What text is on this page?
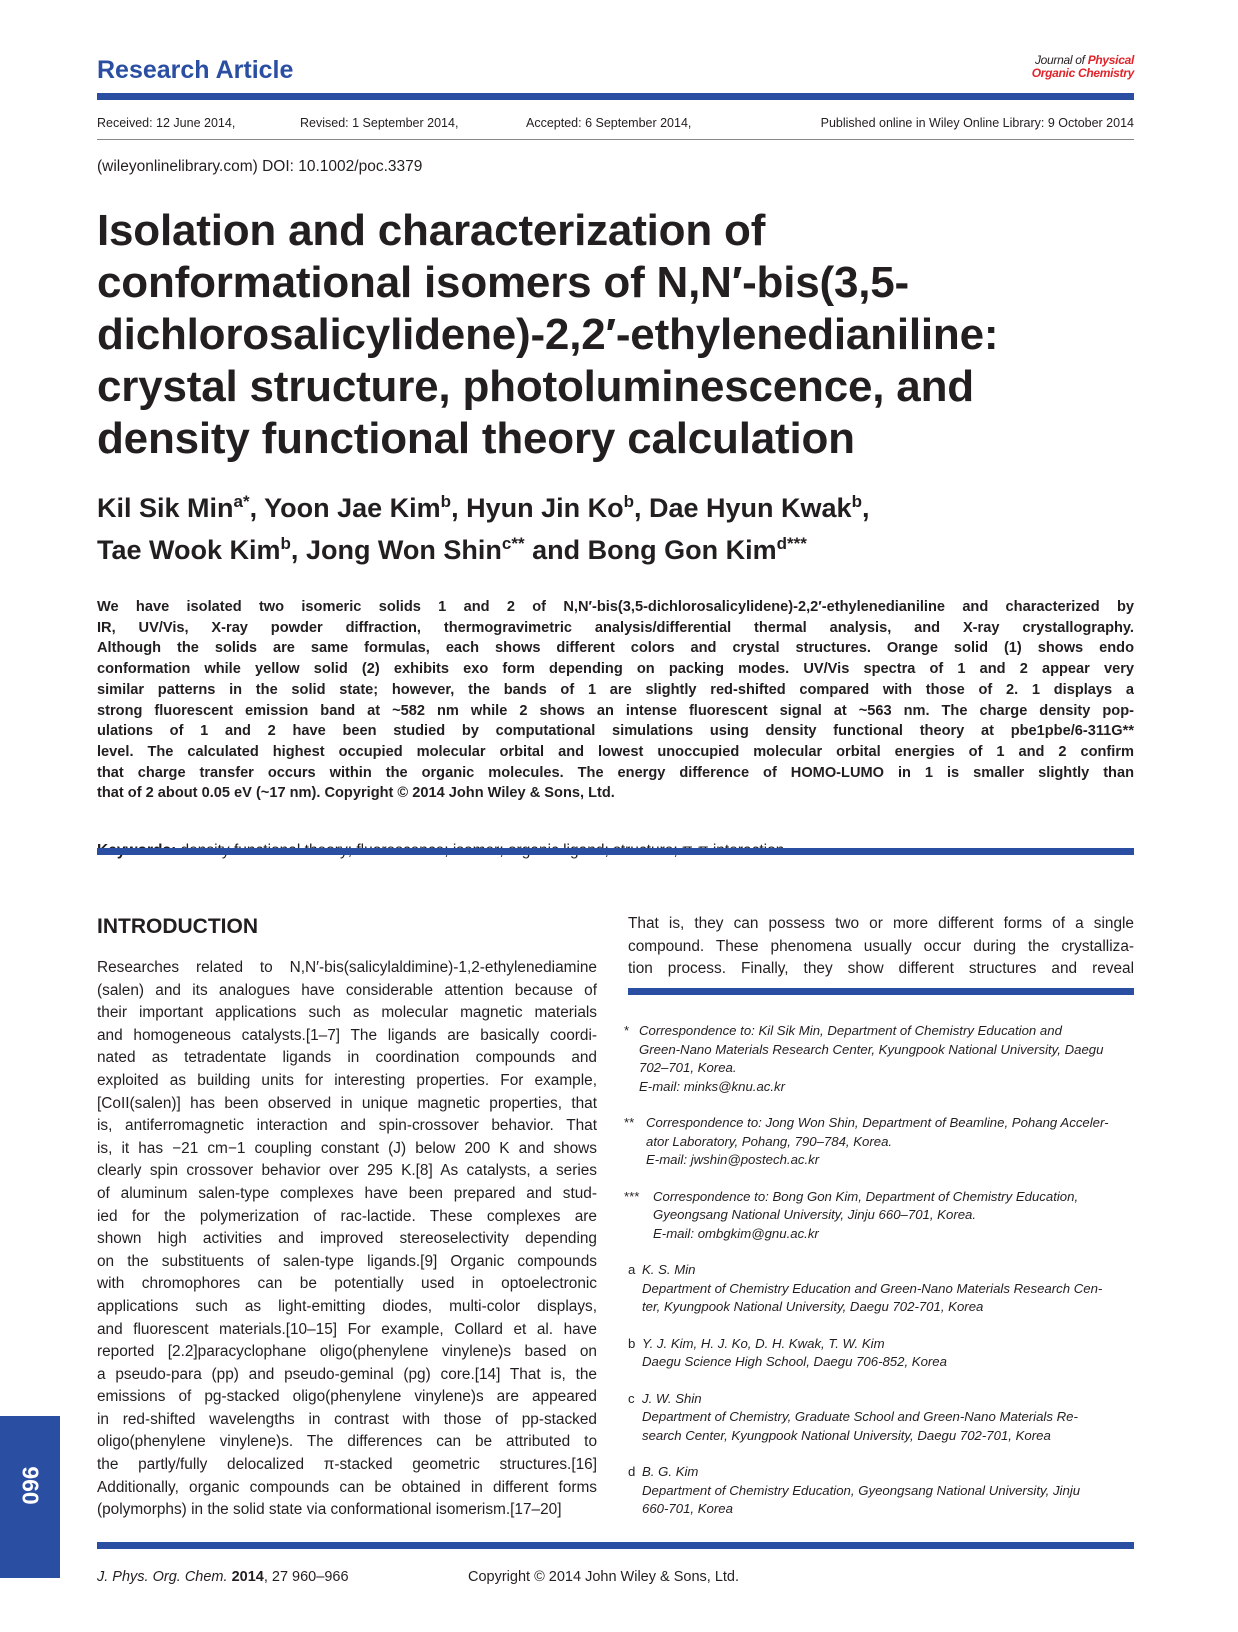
Research Article	Journal of Physical
Organic Chemistry
Received: 12 June 2014,	Revised: 1 September 2014,	Accepted: 6 September 2014,	Published online in Wiley Online Library: 9 October 2014
(wileyonlinelibrary.com) DOI: 10.1002/poc.3379

Isolation and characterization of

conformational isomers of N,N′-bis(3,5-

dichlorosalicylidene)-2,2′-ethylenedianiline:

crystal structure, photoluminescence, and

density functional theory calculation

Kil Sik Min$^{a*}$, Yoon Jae Kim$^b$, Hyun Jin Ko$^b$, Dae Hyun Kwak$^b$,

Tae Wook Kim$^b$, Jong Won Shin$^{c**}$ and Bong Gon Kim$^{d***}$

We have isolated two isomeric solids 1 and 2 of N,N′-bis(3,5-dichlorosalicylidene)-2,2′-ethylenedianiline and characterized by

IR, UV/Vis, X-ray powder diffraction, thermogravimetric analysis/differential thermal analysis, and X-ray crystallography.

Although the solids are same formulas, each shows different colors and crystal structures. Orange solid (1) shows endo

conformation while yellow solid (2) exhibits exo form depending on packing modes. UV/Vis spectra of 1 and 2 appear very

similar patterns in the solid state; however, the bands of 1 are slightly red-shifted compared with those of 2. 1 displays a

strong fluorescent emission band at ~582 nm while 2 shows an intense fluorescent signal at ~563 nm. The charge density pop-

ulations of 1 and 2 have been studied by computational simulations using density functional theory at pbe1pbe/6-311G**

level. The calculated highest occupied molecular orbital and lowest unoccupied molecular orbital energies of 1 and 2 confirm

that charge transfer occurs within the organic molecules. The energy difference of HOMO-LUMO in 1 is smaller slightly than

that of 2 about 0.05 eV (~17 nm). Copyright © 2014 John Wiley & Sons, Ltd.

INTRODUCTION

Researches related to N,N′-bis(salicylaldimine)-1,2-ethylenediamine

(salen) and its analogues have considerable attention because of

their important applications such as molecular magnetic materials

and homogeneous catalysts.[1–7] The ligands are basically coordi-

nated as tetradentate ligands in coordination compounds and

exploited as building units for interesting properties. For example,

[CoII(salen)] has been observed in unique magnetic properties, that

is, antiferromagnetic interaction and spin-crossover behavior. That

is, it has −21 cm−1 coupling constant (J) below 200 K and shows

clearly spin crossover behavior over 295 K.[8] As catalysts, a series

of aluminum salen-type complexes have been prepared and stud-

ied for the polymerization of rac-lactide. These complexes are

shown high activities and improved stereoselectivity depending

on the substituents of salen-type ligands.[9] Organic compounds

with chromophores can be potentially used in optoelectronic

applications such as light-emitting diodes, multi-color displays,

and fluorescent materials.[10–15] For example, Collard et al. have

reported [2.2]paracyclophane oligo(phenylene vinylene)s based on

a pseudo-para (pp) and pseudo-geminal (pg) core.[14] That is, the

emissions of pg-stacked oligo(phenylene vinylene)s are appeared

in red-shifted wavelengths in contrast with those of pp-stacked

oligo(phenylene vinylene)s. The differences can be attributed to

the partly/fully delocalized π-stacked geometric structures.[16]

Additionally, organic compounds can be obtained in different forms

(polymorphs) in the solid state via conformational isomerism.[17–20]

That is, they can possess two or more different forms of a single

compound. These phenomena usually occur during the crystalliza-

tion process. Finally, they show different structures and reveal

* Correspondence to: Kil Sik Min, Department of Chemistry Education and

Green-Nano Materials Research Center, Kyungpook National University, Daegu

702–701, Korea.

E-mail: minks@knu.ac.kr

** Correspondence to: Jong Won Shin, Department of Beamline, Pohang Acceler-

ator Laboratory, Pohang, 790–784, Korea.

E-mail: jwshin@postech.ac.kr

*** Correspondence to: Bong Gon Kim, Department of Chemistry Education,

Gyeongsang National University, Jinju 660–701, Korea.

E-mail: ombgkim@gnu.ac.kr

a K. S. Min

Department of Chemistry Education and Green-Nano Materials Research Cen-

ter, Kyungpook National University, Daegu 702-701, Korea

b Y. J. Kim, H. J. Ko, D. H. Kwak, T. W. Kim

Daegu Science High School, Daegu 706-852, Korea

c J. W. Shin

Department of Chemistry, Graduate School and Green-Nano Materials Re-

search Center, Kyungpook National University, Daegu 702-701, Korea

d B. G. Kim

Department of Chemistry Education, Gyeongsang National University, Jinju

660-701, Korea

960
J. Phys. Org. Chem. 2014, 27 960–966	Copyright © 2014 John Wiley & Sons, Ltd.
